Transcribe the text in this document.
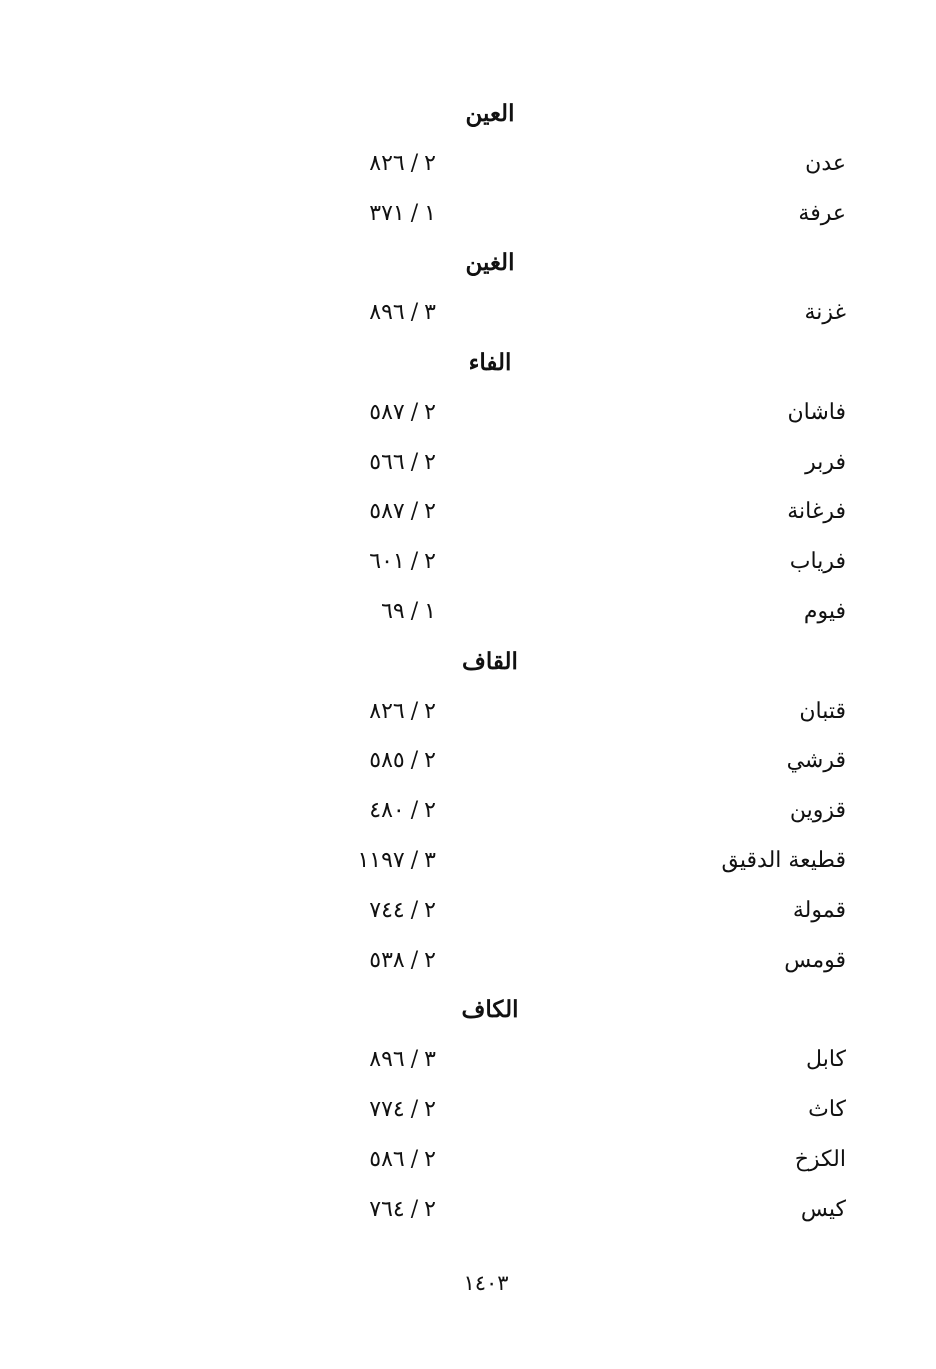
العين
عدن
٨٢٦ / ٢
عرفة
٣٧١ / ١
الغين
غزنة
٨٩٦ / ٣
الفاء
فاشان
٥٨٧ / ٢
فربر
٥٦٦ / ٢
فرغانة
٥٨٧ / ٢
فرياب
٦٠١ / ٢
فيوم
٦٩ / ١
القاف
قتبان
٨٢٦ / ٢
قرشي
٥٨٥ / ٢
قزوين
٤٨٠ / ٢
قطيعة الدقيق
١١٩٧ / ٣
قمولة
٧٤٤ / ٢
قومس
٥٣٨ / ٢
الكاف
كابل
٨٩٦ / ٣
كاث
٧٧٤ / ٢
الكزخ
٥٨٦ / ٢
كيس
٧٦٤ / ٢
١٤٠٣
